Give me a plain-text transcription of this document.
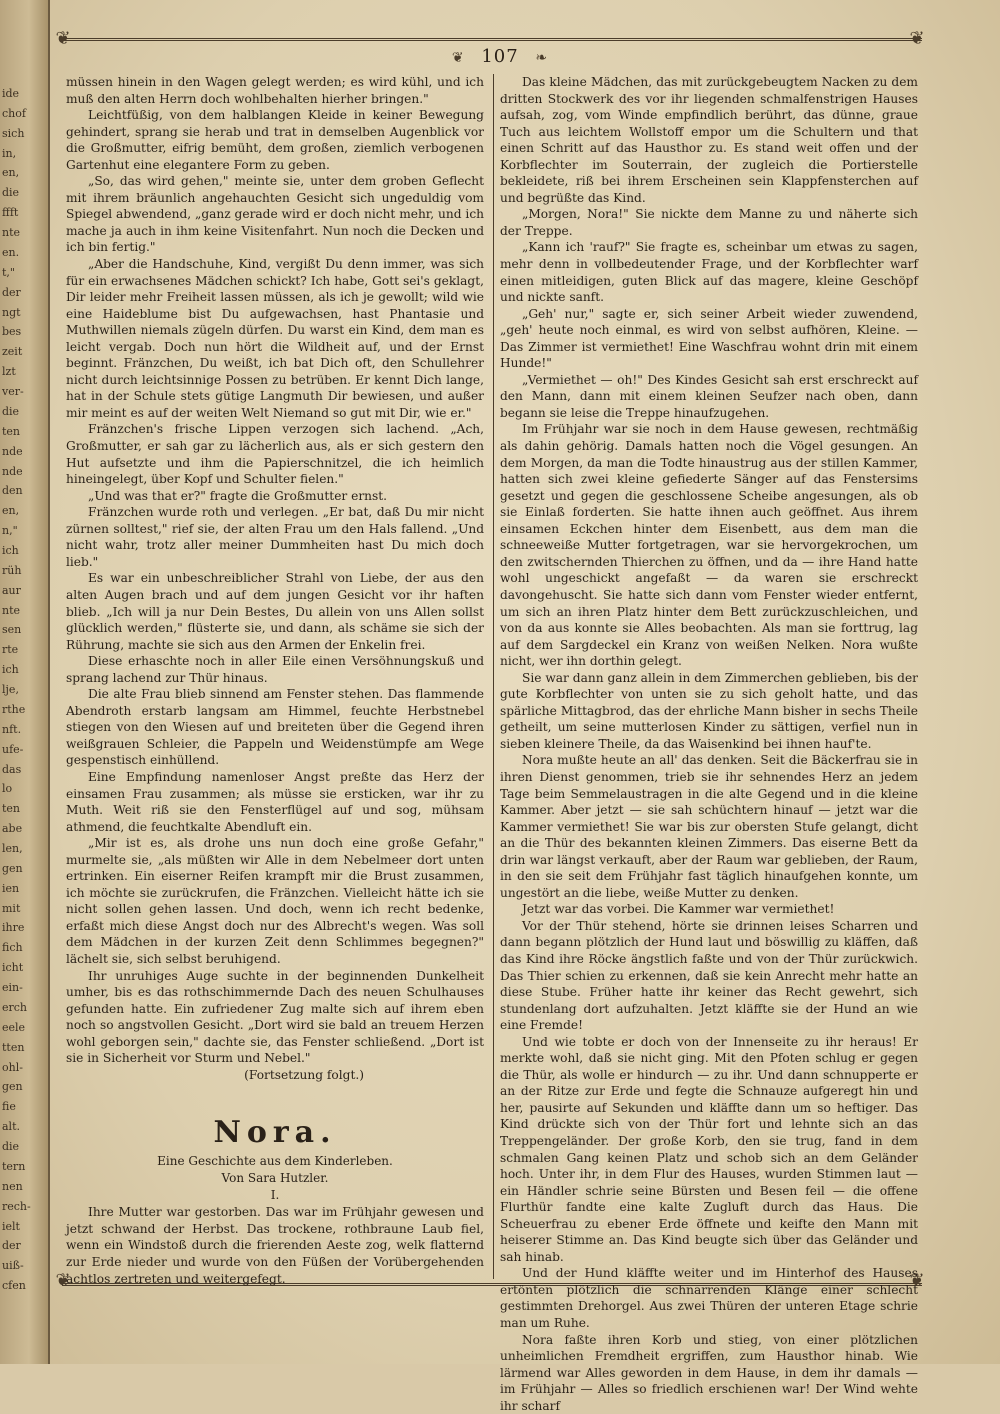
ide
chof
sich
in,
en,
die
ffft
nte
en.
t,"
der
ngt
bes
zeit
lzt
ver-
die
ten
nde
nde
den
en,
n,"
ich
rüh
aur
nte
sen
rte
ich
lje,
rthe
nft.
ufe-
das
lo
ten
abe
len,
gen
ien
mit
ihre
fich
icht
ein-
erch
eele
tten
ohl-
gen
fie
alt.
die
tern
nen
rech-
ielt
der
uiß-
cfen
❦	❦
❦	❦
❦ 107 ❧

müssen hinein in den Wagen gelegt werden; es wird kühl, und ich muß den alten Herrn doch wohlbehalten hierher bringen."

Leichtfüßig, von dem halblangen Kleide in keiner Bewegung gehindert, sprang sie herab und trat in demselben Augenblick vor die Großmutter, eifrig bemüht, dem großen, ziemlich verbogenen Gartenhut eine elegantere Form zu geben.

„So, das wird gehen," meinte sie, unter dem groben Geflecht mit ihrem bräunlich angehauchten Gesicht sich ungeduldig vom Spiegel abwendend, „ganz gerade wird er doch nicht mehr, und ich mache ja auch in ihm keine Visitenfahrt. Nun noch die Decken und ich bin fertig."

„Aber die Handschuhe, Kind, vergißt Du denn immer, was sich für ein erwachsenes Mädchen schickt? Ich habe, Gott sei's geklagt, Dir leider mehr Freiheit lassen müssen, als ich je gewollt; wild wie eine Haideblume bist Du aufgewachsen, hast Phantasie und Muthwillen niemals zügeln dürfen. Du warst ein Kind, dem man es leicht vergab. Doch nun hört die Wildheit auf, und der Ernst beginnt. Fränzchen, Du weißt, ich bat Dich oft, den Schullehrer nicht durch leichtsinnige Possen zu betrüben. Er kennt Dich lange, hat in der Schule stets gütige Langmuth Dir bewiesen, und außer mir meint es auf der weiten Welt Niemand so gut mit Dir, wie er."

Fränzchen's frische Lippen verzogen sich lachend. „Ach, Großmutter, er sah gar zu lächerlich aus, als er sich gestern den Hut aufsetzte und ihm die Papierschnitzel, die ich heimlich hineingelegt, über Kopf und Schulter fielen."

„Und was that er?" fragte die Großmutter ernst.

Fränzchen wurde roth und verlegen. „Er bat, daß Du mir nicht zürnen solltest," rief sie, der alten Frau um den Hals fallend. „Und nicht wahr, trotz aller meiner Dummheiten hast Du mich doch lieb."

Es war ein unbeschreiblicher Strahl von Liebe, der aus den alten Augen brach und auf dem jungen Gesicht vor ihr haften blieb. „Ich will ja nur Dein Bestes, Du allein von uns Allen sollst glücklich werden," flüsterte sie, und dann, als schäme sie sich der Rührung, machte sie sich aus den Armen der Enkelin frei.

Diese erhaschte noch in aller Eile einen Versöhnungskuß und sprang lachend zur Thür hinaus.

Die alte Frau blieb sinnend am Fenster stehen. Das flammende Abendroth erstarb langsam am Himmel, feuchte Herbstnebel stiegen von den Wiesen auf und breiteten über die Gegend ihren weißgrauen Schleier, die Pappeln und Weidenstümpfe am Wege gespenstisch einhüllend.

Eine Empfindung namenloser Angst preßte das Herz der einsamen Frau zusammen; als müsse sie ersticken, war ihr zu Muth. Weit riß sie den Fensterflügel auf und sog, mühsam athmend, die feuchtkalte Abendluft ein.

„Mir ist es, als drohe uns nun doch eine große Gefahr," murmelte sie, „als müßten wir Alle in dem Nebelmeer dort unten ertrinken. Ein eiserner Reifen krampft mir die Brust zusammen, ich möchte sie zurückrufen, die Fränzchen. Vielleicht hätte ich sie nicht sollen gehen lassen. Und doch, wenn ich recht bedenke, erfaßt mich diese Angst doch nur des Albrecht's wegen. Was soll dem Mädchen in der kurzen Zeit denn Schlimmes begegnen?" lächelt sie, sich selbst beruhigend.

Ihr unruhiges Auge suchte in der beginnenden Dunkelheit umher, bis es das rothschimmernde Dach des neuen Schulhauses gefunden hatte. Ein zufriedener Zug malte sich auf ihrem eben noch so angstvollen Gesicht. „Dort wird sie bald an treuem Herzen wohl geborgen sein," dachte sie, das Fenster schließend. „Dort ist sie in Sicherheit vor Sturm und Nebel."

(Fortsetzung folgt.)

Nora.

Eine Geschichte aus dem Kinderleben.

Von Sara Hutzler.

I.

Ihre Mutter war gestorben. Das war im Frühjahr gewesen und jetzt schwand der Herbst. Das trockene, rothbraune Laub fiel, wenn ein Windstoß durch die frierenden Aeste zog, welk flatternd zur Erde nieder und wurde von den Füßen der Vorübergehenden achtlos zertreten und weitergefegt.

Das kleine Mädchen, das mit zurückgebeugtem Nacken zu dem dritten Stockwerk des vor ihr liegenden schmalfenstrigen Hauses aufsah, zog, vom Winde empfindlich berührt, das dünne, graue Tuch aus leichtem Wollstoff empor um die Schultern und that einen Schritt auf das Hausthor zu. Es stand weit offen und der Korbflechter im Souterrain, der zugleich die Portierstelle bekleidete, riß bei ihrem Erscheinen sein Klappfensterchen auf und begrüßte das Kind.

„Morgen, Nora!" Sie nickte dem Manne zu und näherte sich der Treppe.

„Kann ich 'rauf?" Sie fragte es, scheinbar um etwas zu sagen, mehr denn in vollbedeutender Frage, und der Korbflechter warf einen mitleidigen, guten Blick auf das magere, kleine Geschöpf und nickte sanft.

„Geh' nur," sagte er, sich seiner Arbeit wieder zuwendend, „geh' heute noch einmal, es wird von selbst aufhören, Kleine. — Das Zimmer ist vermiethet! Eine Waschfrau wohnt drin mit einem Hunde!"

„Vermiethet — oh!" Des Kindes Gesicht sah erst erschreckt auf den Mann, dann mit einem kleinen Seufzer nach oben, dann begann sie leise die Treppe hinaufzugehen.

Im Frühjahr war sie noch in dem Hause gewesen, rechtmäßig als dahin gehörig. Damals hatten noch die Vögel gesungen. An dem Morgen, da man die Todte hinaustrug aus der stillen Kammer, hatten sich zwei kleine gefiederte Sänger auf das Fenstersims gesetzt und gegen die geschlossene Scheibe angesungen, als ob sie Einlaß forderten. Sie hatte ihnen auch geöffnet. Aus ihrem einsamen Eckchen hinter dem Eisenbett, aus dem man die schneeweiße Mutter fortgetragen, war sie hervorgekrochen, um den zwitschernden Thierchen zu öffnen, und da — ihre Hand hatte wohl ungeschickt angefaßt — da waren sie erschreckt davongehuscht. Sie hatte sich dann vom Fenster wieder entfernt, um sich an ihren Platz hinter dem Bett zurückzuschleichen, und von da aus konnte sie Alles beobachten. Als man sie forttrug, lag auf dem Sargdeckel ein Kranz von weißen Nelken. Nora wußte nicht, wer ihn dorthin gelegt.

Sie war dann ganz allein in dem Zimmerchen geblieben, bis der gute Korbflechter von unten sie zu sich geholt hatte, und das spärliche Mittagbrod, das der ehrliche Mann bisher in sechs Theile getheilt, um seine mutterlosen Kinder zu sättigen, verfiel nun in sieben kleinere Theile, da das Waisenkind bei ihnen hauf'te.

Nora mußte heute an all' das denken. Seit die Bäckerfrau sie in ihren Dienst genommen, trieb sie ihr sehnendes Herz an jedem Tage beim Semmelaustragen in die alte Gegend und in die kleine Kammer. Aber jetzt — sie sah schüchtern hinauf — jetzt war die Kammer vermiethet! Sie war bis zur obersten Stufe gelangt, dicht an die Thür des bekannten kleinen Zimmers. Das eiserne Bett da drin war längst verkauft, aber der Raum war geblieben, der Raum, in den sie seit dem Frühjahr fast täglich hinaufgehen konnte, um ungestört an die liebe, weiße Mutter zu denken.

Jetzt war das vorbei. Die Kammer war vermiethet!

Vor der Thür stehend, hörte sie drinnen leises Scharren und dann begann plötzlich der Hund laut und böswillig zu kläffen, daß das Kind ihre Röcke ängstlich faßte und von der Thür zurückwich. Das Thier schien zu erkennen, daß sie kein Anrecht mehr hatte an diese Stube. Früher hatte ihr keiner das Recht gewehrt, sich stundenlang dort aufzuhalten. Jetzt kläffte sie der Hund an wie eine Fremde!

Und wie tobte er doch von der Innenseite zu ihr heraus! Er merkte wohl, daß sie nicht ging. Mit den Pfoten schlug er gegen die Thür, als wolle er hindurch — zu ihr. Und dann schnupperte er an der Ritze zur Erde und fegte die Schnauze aufgeregt hin und her, pausirte auf Sekunden und kläffte dann um so heftiger. Das Kind drückte sich von der Thür fort und lehnte sich an das Treppengeländer. Der große Korb, den sie trug, fand in dem schmalen Gang keinen Platz und schob sich an dem Geländer hoch. Unter ihr, in dem Flur des Hauses, wurden Stimmen laut — ein Händler schrie seine Bürsten und Besen feil — die offene Flurthür fandte eine kalte Zugluft durch das Haus. Die Scheuerfrau zu ebener Erde öffnete und keifte den Mann mit heiserer Stimme an. Das Kind beugte sich über das Geländer und sah hinab.

Und der Hund kläffte weiter und im Hinterhof des Hauses ertönten plötzlich die schnarrenden Klänge einer schlecht gestimmten Drehorgel. Aus zwei Thüren der unteren Etage schrie man um Ruhe.

Nora faßte ihren Korb und stieg, von einer plötzlichen unheimlichen Fremdheit ergriffen, zum Hausthor hinab. Wie lärmend war Alles geworden in dem Hause, in dem ihr damals — im Frühjahr — Alles so friedlich erschienen war! Der Wind wehte ihr scharf
